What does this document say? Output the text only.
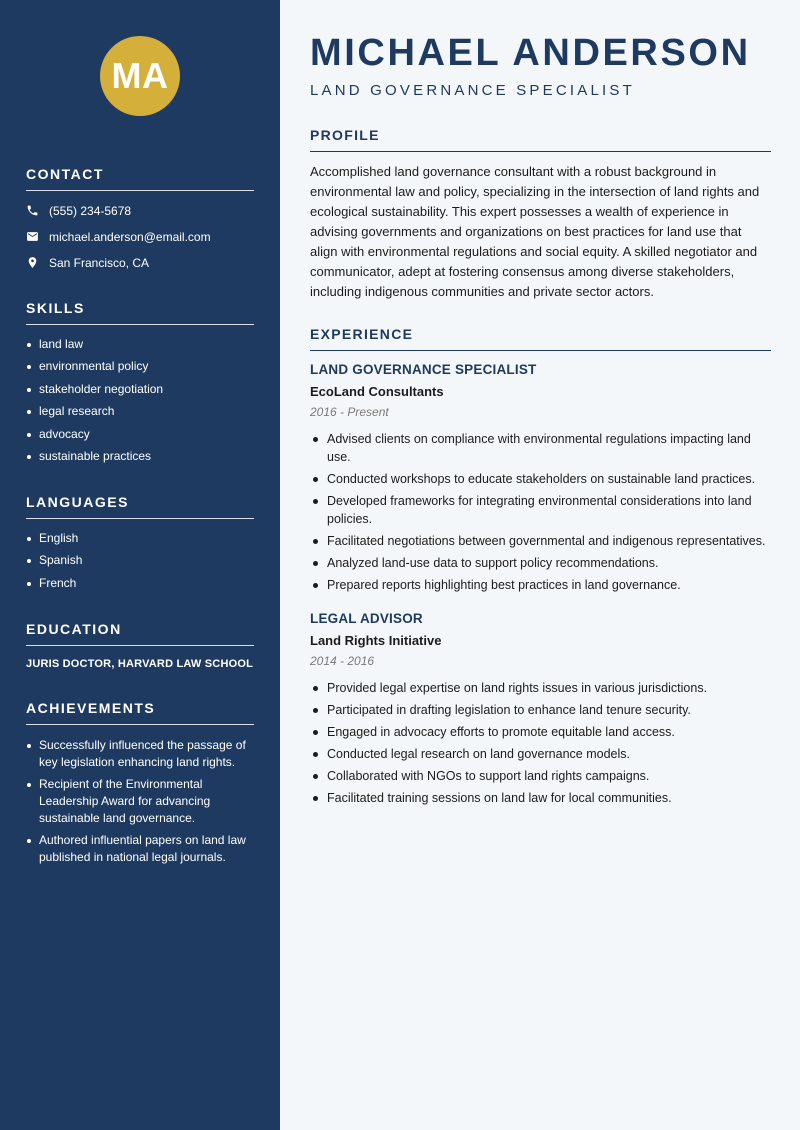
MA
CONTACT
(555) 234-5678
michael.anderson@email.com
San Francisco, CA
SKILLS
land law
environmental policy
stakeholder negotiation
legal research
advocacy
sustainable practices
LANGUAGES
English
Spanish
French
EDUCATION
JURIS DOCTOR, HARVARD LAW SCHOOL
ACHIEVEMENTS
Successfully influenced the passage of key legislation enhancing land rights.
Recipient of the Environmental Leadership Award for advancing sustainable land governance.
Authored influential papers on land law published in national legal journals.
MICHAEL ANDERSON
LAND GOVERNANCE SPECIALIST
PROFILE

Accomplished land governance consultant with a robust background in environmental law and policy, specializing in the intersection of land rights and ecological sustainability. This expert possesses a wealth of experience in advising governments and organizations on best practices for land use that align with environmental regulations and social equity. A skilled negotiator and communicator, adept at fostering consensus among diverse stakeholders, including indigenous communities and private sector actors.

EXPERIENCE
LAND GOVERNANCE SPECIALIST
EcoLand Consultants
2016 - Present
Advised clients on compliance with environmental regulations impacting land use.
Conducted workshops to educate stakeholders on sustainable land practices.
Developed frameworks for integrating environmental considerations into land policies.
Facilitated negotiations between governmental and indigenous representatives.
Analyzed land-use data to support policy recommendations.
Prepared reports highlighting best practices in land governance.
LEGAL ADVISOR
Land Rights Initiative
2014 - 2016
Provided legal expertise on land rights issues in various jurisdictions.
Participated in drafting legislation to enhance land tenure security.
Engaged in advocacy efforts to promote equitable land access.
Conducted legal research on land governance models.
Collaborated with NGOs to support land rights campaigns.
Facilitated training sessions on land law for local communities.
